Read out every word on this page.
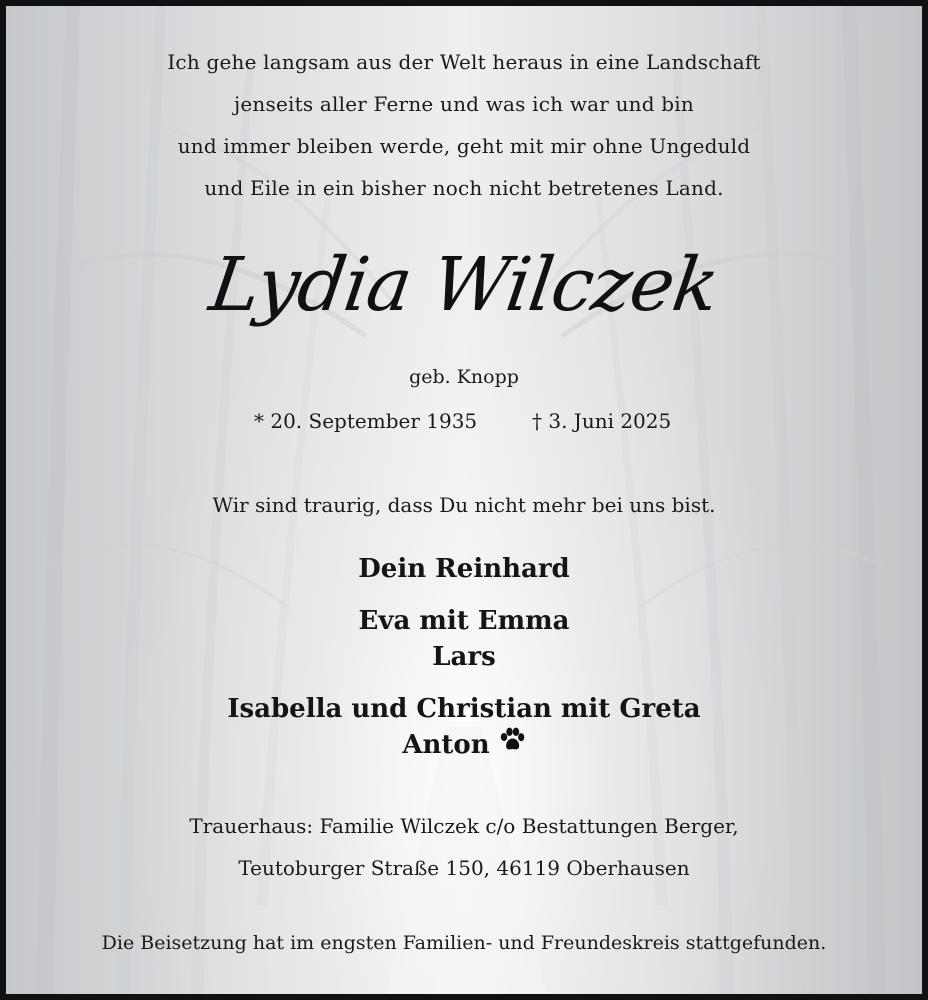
Ich gehe langsam aus der Welt heraus in eine Landschaft
jenseits aller Ferne und was ich war und bin
und immer bleiben werde, geht mit mir ohne Ungeduld
und Eile in ein bisher noch nicht betretenes Land.
Lydia Wilczek
geb. Knopp
* 20. September 1935	† 3. Juni 2025
Wir sind traurig, dass Du nicht mehr bei uns bist.
Dein Reinhard
Eva mit Emma
Lars
Isabella und Christian mit Greta
Anton
Trauerhaus: Familie Wilczek c/o Bestattungen Berger,
Teutoburger Straße 150, 46119 Oberhausen
Die Beisetzung hat im engsten Familien- und Freundeskreis stattgefunden.
